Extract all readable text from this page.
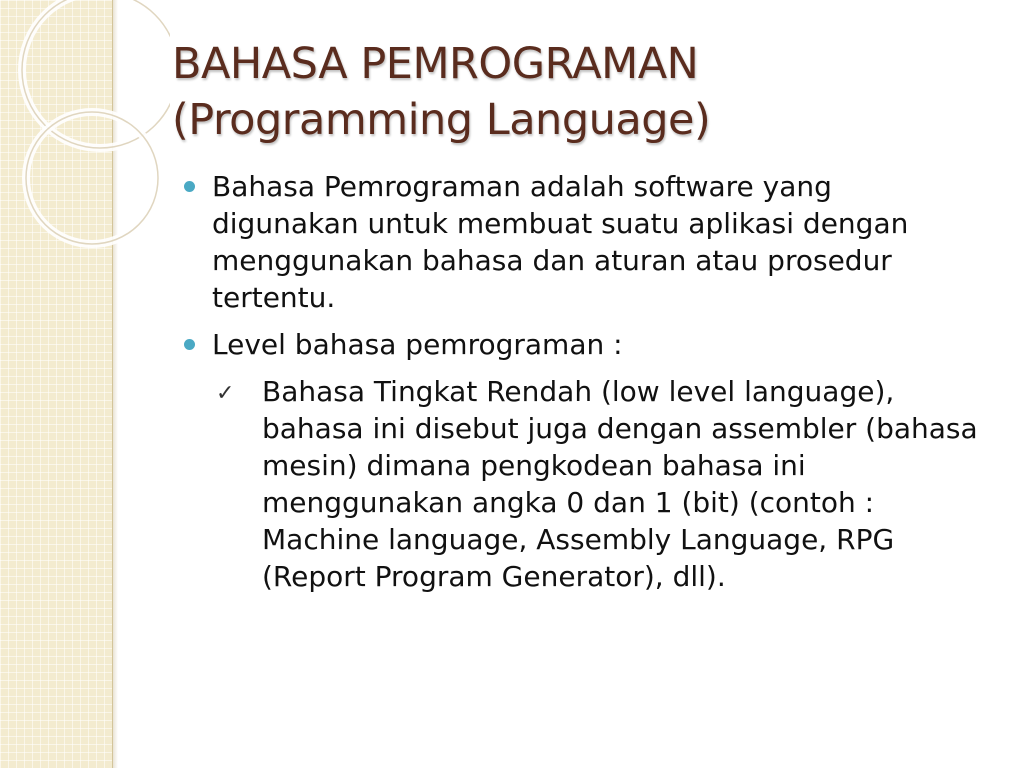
BAHASA PEMROGRAMAN
(Programming Language)
Bahasa Pemrograman adalah software yang digunakan untuk membuat suatu aplikasi dengan menggunakan bahasa dan aturan atau prosedur tertentu.
Level bahasa pemrograman :
✓ Bahasa Tingkat Rendah (low level language), bahasa ini disebut juga dengan assembler (bahasa mesin) dimana pengkodean bahasa ini menggunakan angka 0 dan 1 (bit) (contoh : Machine language, Assembly Language, RPG (Report Program Generator), dll).
